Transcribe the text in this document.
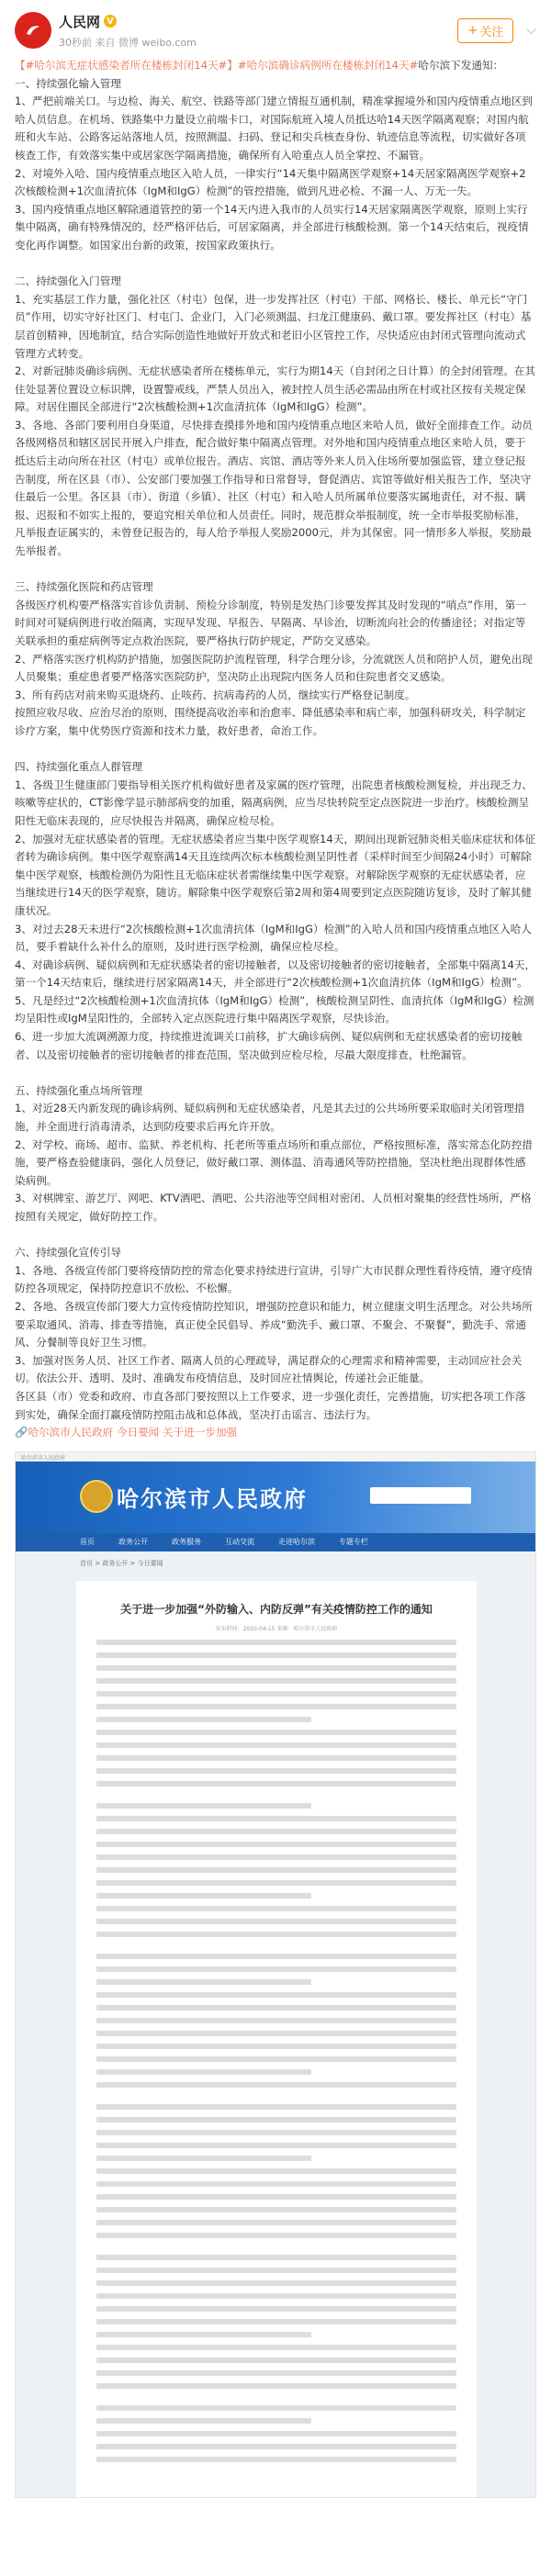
人民网 V
30秒前 来自 微博 weibo.com
+ 关注 ⌵

【#哈尔滨无症状感染者所在楼栋封闭14天#】#哈尔滨确诊病例所在楼栋封闭14天#哈尔滨下发通知：

一、持续强化输入管理

1、严把前端关口。与边检、海关、航空、铁路等部门建立情报互通机制，精准掌握境外和国内疫情重点地区到哈人员信息。在机场、铁路集中力量设立前端卡口，对国际航班入境人员抵达哈14天医学隔离观察；对国内航班和火车站、公路客运站落地人员，按照测温、扫码、登记和尖兵核查身份、轨迹信息等流程，切实做好各项核查工作，有效落实集中或居家医学隔离措施，确保所有入哈重点人员全掌控、不漏管。

2、对境外入哈、国内疫情重点地区入哈人员，一律实行“14天集中隔离医学观察+14天居家隔离医学观察+2次核酸检测+1次血清抗体（IgM和IgG）检测”的管控措施，做到凡进必检、不漏一人、万无一失。

3、国内疫情重点地区解除通道管控的第一个14天内进入我市的人员实行14天居家隔离医学观察，原则上实行集中隔离，确有特殊情况的，经严格评估后，可居家隔离，并全部进行核酸检测。第一个14天结束后，视疫情变化再作调整。如国家出台新的政策，按国家政策执行。

二、持续强化入门管理

1、充实基层工作力量，强化社区（村屯）包保，进一步发挥社区（村屯）干部、网格长、楼长、单元长“守门员”作用，切实守好社区门、村屯门、企业门，入门必须测温、扫龙江健康码、戴口罩。要发挥社区（村屯）基层首创精神，因地制宜，结合实际创造性地做好开放式和老旧小区管控工作，尽快适应由封闭式管理向流动式管理方式转变。

2、对新冠肺炎确诊病例、无症状感染者所在楼栋单元，实行为期14天（自封闭之日计算）的全封闭管理。在其住处显著位置设立标识牌，设置警戒线，严禁人员出入，被封控人员生活必需品由所在村或社区按有关规定保障。对居住圈民全部进行“2次核酸检测+1次血清抗体（IgM和IgG）检测”。

3、各地、各部门要利用自身渠道，尽快排查摸排外地和国内疫情重点地区来哈人员，做好全面排查工作。动员各级网格员和辖区居民开展入户排查，配合做好集中隔离点管理。对外地和国内疫情重点地区来哈人员，要于抵达后主动向所在社区（村屯）或单位报告。酒店、宾馆、酒店等外来人员入住场所要加强监管，建立登记报告制度，所在区县（市）、公安部门要加强工作指导和日常督导，督促酒店、宾馆等做好相关报告工作，坚决守住最后一公里。各区县（市）、街道（乡镇）、社区（村屯）和入哈人员所属单位要落实属地责任，对不报、瞒报、迟报和不如实上报的，要追究相关单位和人员责任。同时，规范群众举报制度，统一全市举报奖励标准，凡举报查证属实的，未曾登记报告的，每人给予举报人奖励2000元，并为其保密。同一情形多人举报，奖励最先举报者。

三、持续强化医院和药店管理

各级医疗机构要严格落实首诊负责制、预检分诊制度，特别是发热门诊要发挥其及时发现的“哨点”作用，第一时间对可疑病例进行收治隔离，实现早发现、早报告、早隔离、早诊治，切断流向社会的传播途径；对指定等关联承担的重症病例等定点救治医院，要严格执行防护规定，严防交叉感染。

2、严格落实医疗机构防护措施，加强医院防护流程管理，科学合理分诊，分流就医人员和陪护人员，避免出现人员聚集；重症患者要严格落实医院防护，坚决防止出现院内医务人员和住院患者交叉感染。

3、所有药店对前来购买退烧药、止咳药、抗病毒药的人员，继续实行严格登记制度。

按照应收尽收、应治尽治的原则，围绕提高收治率和治愈率、降低感染率和病亡率，加强科研攻关，科学制定诊疗方案，集中优势医疗资源和技术力量，救好患者，命治工作。

四、持续强化重点人群管理

1、各级卫生健康部门要指导相关医疗机构做好患者及家属的医疗管理，出院患者核酸检测复检，并出现乏力、咳嗽等症状的，CT影像学显示肺部病变的加重，隔离病例，应当尽快转院至定点医院进一步治疗。核酸检测呈阳性无临床表现的，应尽快报告并隔离，确保应检尽检。

2、加强对无症状感染者的管理。无症状感染者应当集中医学观察14天，期间出现新冠肺炎相关临床症状和体征者转为确诊病例。集中医学观察满14天且连续两次标本核酸检测呈阴性者（采样时间至少间隔24小时）可解除集中医学观察，核酸检测仍为阳性且无临床症状者需继续集中医学观察。对解除医学观察的无症状感染者，应当继续进行14天的医学观察，随访。解除集中医学观察后第2周和第4周要到定点医院随访复诊，及时了解其健康状况。

3、对过去28天未进行“2次核酸检测+1次血清抗体（IgM和IgG）检测”的入哈人员和国内疫情重点地区入哈人员，要手着缺什么补什么的原则，及时进行医学检测，确保应检尽检。

4、对确诊病例、疑似病例和无症状感染者的密切接触者，以及密切接触者的密切接触者，全部集中隔离14天，第一个14天结束后，继续进行居家隔离14天，并全部进行“2次核酸检测+1次血清抗体（IgM和IgG）检测”。

5、凡是经过“2次核酸检测+1次血清抗体（IgM和IgG）检测”，核酸检测呈阴性、血清抗体（IgM和IgG）检测均呈阳性或IgM呈阳性的，全部转入定点医院进行集中隔离医学观察，尽快诊治。

6、进一步加大流调溯源力度，持续推进流调关口前移，扩大确诊病例、疑似病例和无症状感染者的密切接触者、以及密切接触者的密切接触者的排查范围，坚决做到应检尽检，尽最大限度排查，杜绝漏管。

五、持续强化重点场所管理

1、对近28天内新发现的确诊病例、疑似病例和无症状感染者，凡是其去过的公共场所要采取临时关闭管理措施，并全面进行消毒清杀，达到防疫要求后再允许开放。

2、对学校、商场、超市、监狱、养老机构、托老所等重点场所和重点部位，严格按照标准，落实常态化防控措施，要严格查验健康码，强化人员登记，做好戴口罩、测体温、消毒通风等防控措施，坚决杜绝出现群体性感染病例。

3、对棋牌室、游艺厅、网吧、KTV酒吧、酒吧、公共浴池等空间相对密闭、人员相对聚集的经营性场所，严格按照有关规定，做好防控工作。

六、持续强化宣传引导

1、各地、各级宣传部门要将疫情防控的常态化要求持续进行宣讲，引导广大市民群众理性看待疫情，遵守疫情防控各项规定，保持防控意识不放松、不松懈。

2、各地、各级宣传部门要大力宣传疫情防控知识，增强防控意识和能力，树立健康文明生活理念。对公共场所要采取通风、消毒、排查等措施，真正使全民倡导、养成“勤洗手、戴口罩、不聚会、不聚餐”，勤洗手、常通风、分餐制等良好卫生习惯。

3、加强对医务人员、社区工作者、隔离人员的心理疏导，满足群众的心理需求和精神需要，主动回应社会关切。依法公开、透明、及时、准确发布疫情信息，及时回应社情舆论，传递社会正能量。

各区县（市）党委和政府、市直各部门要按照以上工作要求，进一步强化责任，完善措施，切实把各项工作落到实处，确保全面打赢疫情防控阻击战和总体战，坚决打击谣言、违法行为。

🔗哈尔滨市人民政府 今日要闻 关于进一步加强

哈尔滨市人民政府
哈尔滨市人民政府
首页	政务公开	政务服务	互动交流	走进哈尔滨	专题专栏
首页 > 政务公开 > 今日要闻
关于进一步加强“外防输入、内防反弹”有关疫情防控工作的通知
发布时间：2020-04-15 来源：哈尔滨市人民政府
